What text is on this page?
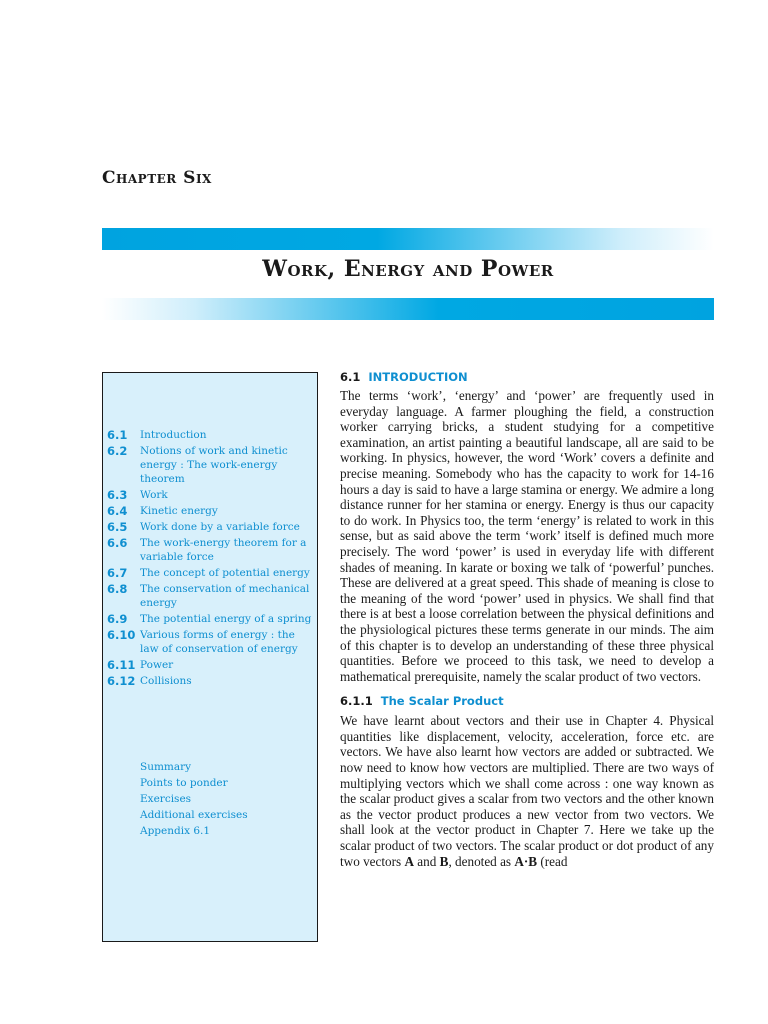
Chapter Six
Work, Energy and Power
6.1	Introduction
6.2	Notions of work and kinetic energy : The work-energy theorem
6.3	Work
6.4	Kinetic energy
6.5	Work done by a variable force
6.6	The work-energy theorem for a variable force
6.7	The concept of potential energy
6.8	The conservation of mechanical energy
6.9	The potential energy of a spring
6.10 Various forms of energy : the law of conservation of energy
6.11 Power
6.12 Collisions
Summary
Points to ponder
Exercises
Additional exercises
Appendix 6.1
6.1 INTRODUCTION

The terms ‘work’, ‘energy’ and ‘power’ are frequently used in everyday language. A farmer ploughing the field, a construction worker carrying bricks, a student studying for a competitive examination, an artist painting a beautiful landscape, all are said to be working. In physics, however, the word ‘Work’ covers a definite and precise meaning. Somebody who has the capacity to work for 14-16 hours a day is said to have a large stamina or energy. We admire a long distance runner for her stamina or energy. Energy is thus our capacity to do work. In Physics too, the term ‘energy’ is related to work in this sense, but as said above the term ‘work’ itself is defined much more precisely. The word ‘power’ is used in everyday life with different shades of meaning. In karate or boxing we talk of ‘powerful’ punches. These are delivered at a great speed. This shade of meaning is close to the meaning of the word ‘power’ used in physics. We shall find that there is at best a loose correlation between the physical definitions and the physiological pictures these terms generate in our minds. The aim of this chapter is to develop an understanding of these three physical quantities. Before we proceed to this task, we need to develop a mathematical prerequisite, namely the scalar product of two vectors.

6.1.1 The Scalar Product

We have learnt about vectors and their use in Chapter 4. Physical quantities like displacement, velocity, acceleration, force etc. are vectors. We have also learnt how vectors are added or subtracted. We now need to know how vectors are multiplied. There are two ways of multiplying vectors which we shall come across : one way known as the scalar product gives a scalar from two vectors and the other known as the vector product produces a new vector from two vectors. We shall look at the vector product in Chapter 7. Here we take up the scalar product of two vectors. The scalar product or dot product of any two vectors A and B, denoted as A·B (read
